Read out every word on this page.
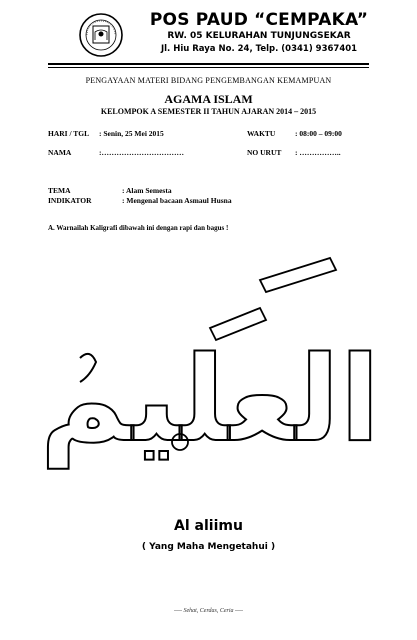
POS PAUD “CEMPAKA”
RW. 05 KELURAHAN TUNJUNGSEKAR
Jl. Hiu Raya No. 24, Telp. (0341) 9367401
PENGAYAAN MATERI BIDANG PENGEMBANGAN KEMAMPUAN
AGAMA ISLAM
KELOMPOK A SEMESTER II TAHUN AJARAN 2014 – 2015
HARI / TGL : Senin, 25 Mei 2015	WAKTU	: 08:00 – 09:00
NAMA	:……………………………	NO URUT : ……………..
TEMA	: Alam Semesta
INDIKATOR	: Mengenal bacaan Asmaul Husna
A. Warnailah Kaligrafi dibawah ini dengan rapi dan bagus !
العليم
Al aliimu
( Yang Maha Mengetahui )
---- Sehat, Cerdas, Ceria ----
